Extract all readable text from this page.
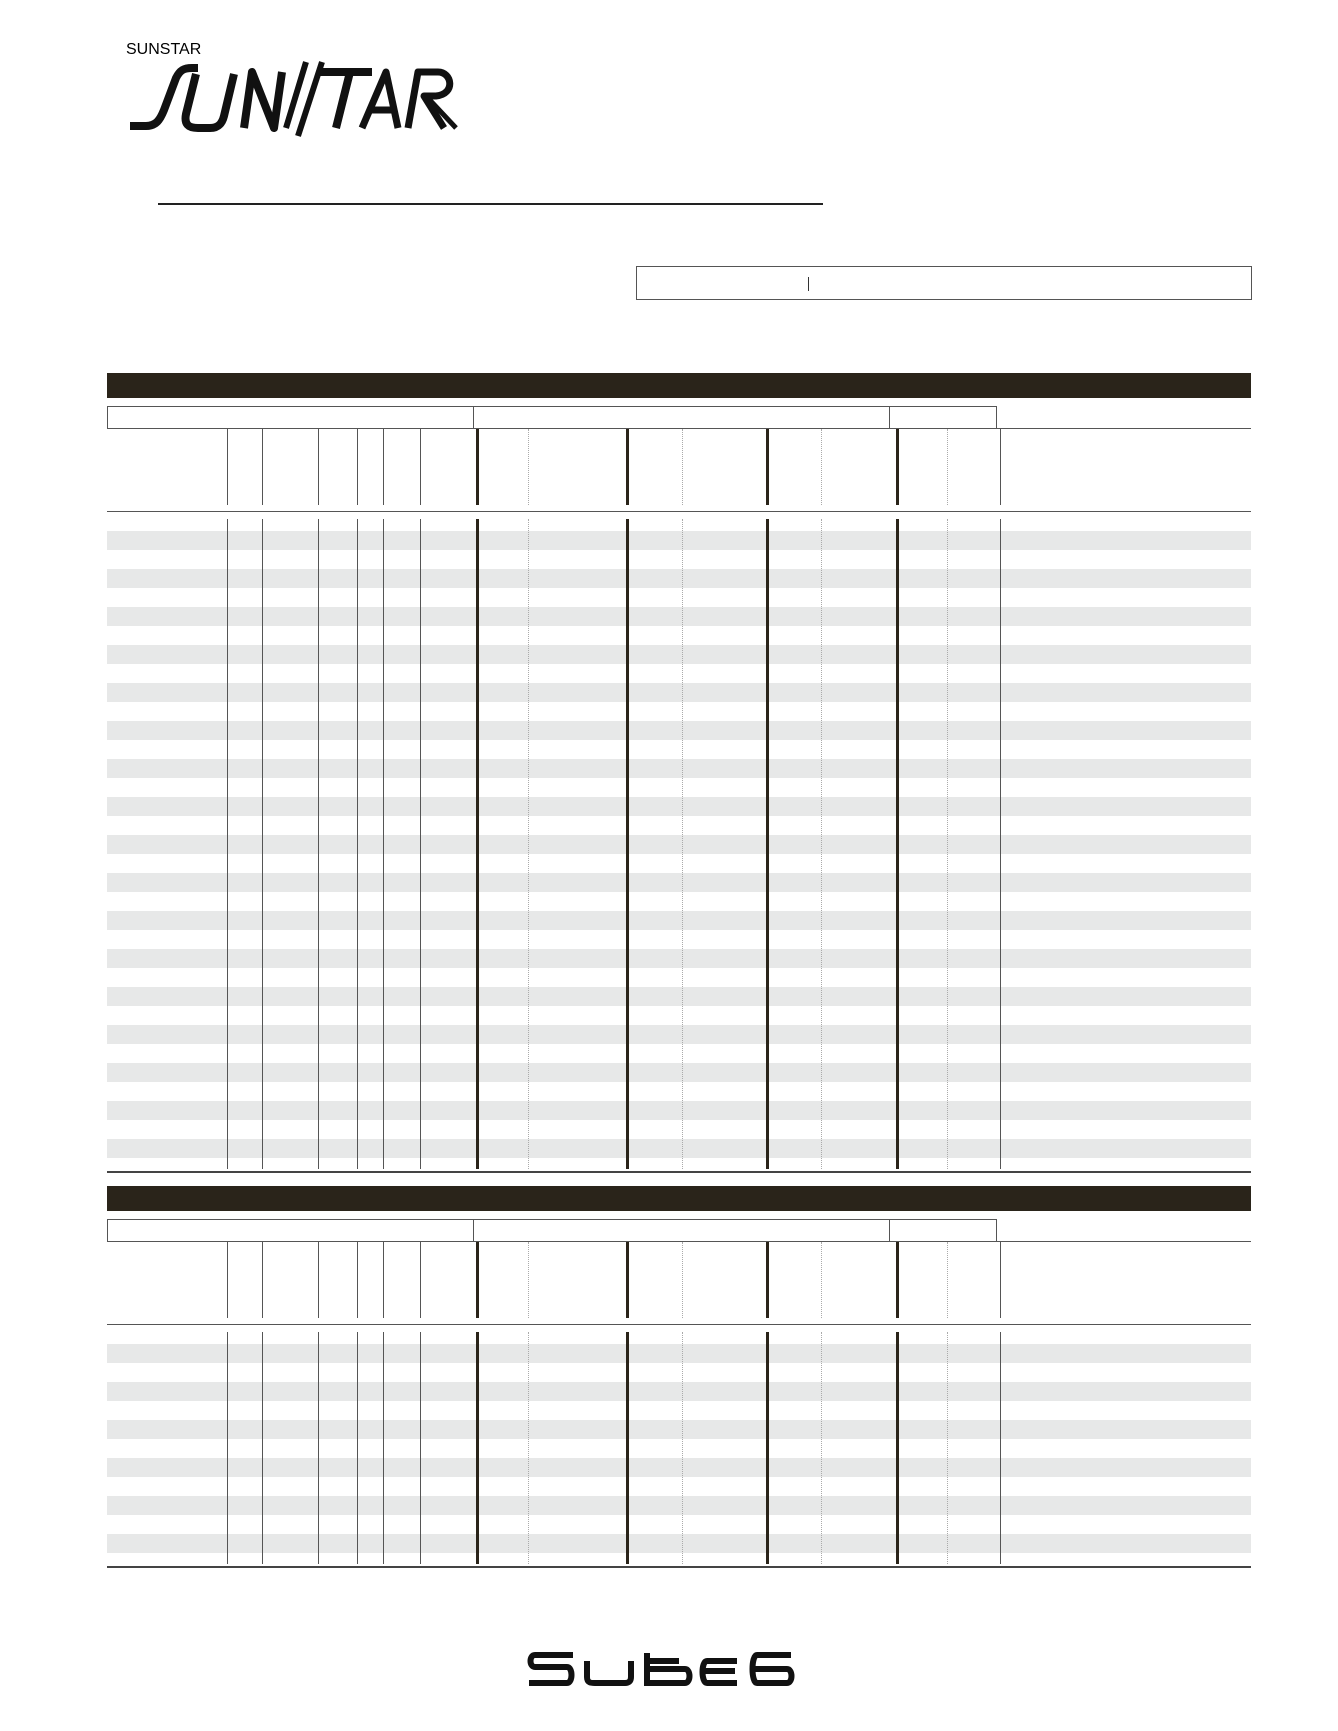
SUNSTAR
